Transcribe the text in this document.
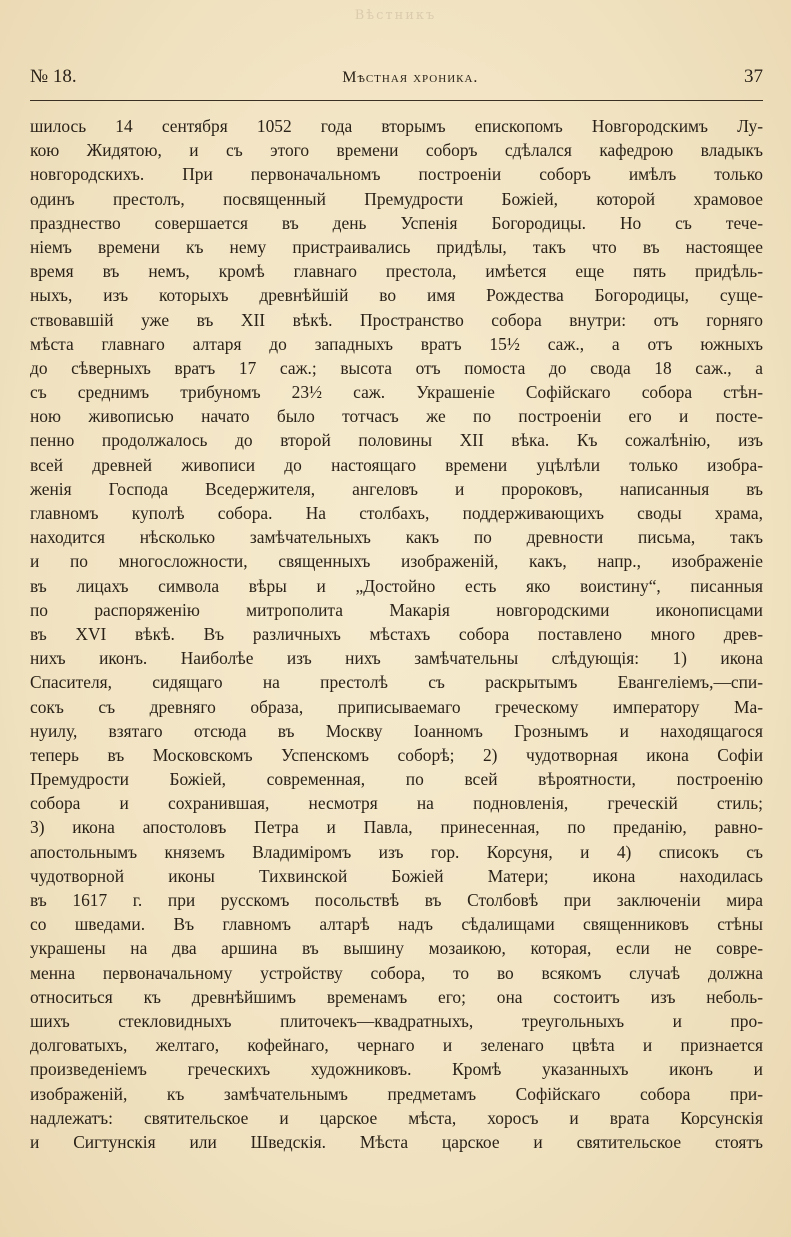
Вѣстникъ
№ 18.	Мѣстная хроника.	37
шилось 14 сентября 1052 года вторымъ епископомъ Новгородскимъ Лу-
кою Жидятою, и съ этого времени соборъ сдѣлался кафедрою владыкъ
новгородскихъ. При первоначальномъ построеніи соборъ имѣлъ только
одинъ престолъ, посвященный Премудрости Божіей, которой храмовое
празднество совершается въ день Успенія Богородицы. Но съ тече-
ніемъ времени къ нему пристраивались придѣлы, такъ что въ настоящее
время въ немъ, кромѣ главнаго престола, имѣется еще пять придѣль-
ныхъ, изъ которыхъ древнѣйшій во имя Рождества Богородицы, суще-
ствовавшій уже въ XII вѣкѣ. Пространство собора внутри: отъ горняго
мѣста главнаго алтаря до западныхъ вратъ 15½ саж., а отъ южныхъ
до сѣверныхъ вратъ 17 саж.; высота отъ помоста до свода 18 саж., а
съ среднимъ трибуномъ 23½ саж. Украшеніе Софійскаго собора стѣн-
ною живописью начато было тотчасъ же по построеніи его и посте-
пенно продолжалось до второй половины XII вѣка. Къ сожалѣнію, изъ
всей древней живописи до настоящаго времени уцѣлѣли только изобра-
женія Господа Вседержителя, ангеловъ и пророковъ, написанныя въ
главномъ куполѣ собора. На столбахъ, поддерживающихъ своды храма,
находится нѣсколько замѣчательныхъ какъ по древности письма, такъ
и по многосложности, священныхъ изображеній, какъ, напр., изображеніе
въ лицахъ символа вѣры и „Достойно есть яко воистину“, писанныя
по распоряженію митрополита Макарія новгородскими иконописцами
въ XVI вѣкѣ. Въ различныхъ мѣстахъ собора поставлено много древ-
нихъ иконъ. Наиболѣе изъ нихъ замѣчательны слѣдующія: 1) икона
Спасителя, сидящаго на престолѣ съ раскрытымъ Евангеліемъ,—спи-
сокъ съ древняго образа, приписываемаго греческому императору Ма-
нуилу, взятаго отсюда въ Москву Іоанномъ Грознымъ и находящагося
теперь въ Московскомъ Успенскомъ соборѣ; 2) чудотворная икона Софіи
Премудрости Божіей, современная, по всей вѣроятности, построенію
собора и сохранившая, несмотря на подновленія, греческій стиль;
3) икона апостоловъ Петра и Павла, принесенная, по преданію, равно-
апостольнымъ княземъ Владиміромъ изъ гор. Корсуня, и 4) списокъ съ
чудотворной иконы Тихвинской Божіей Матери; икона находилась
въ 1617 г. при русскомъ посольствѣ въ Столбовѣ при заключеніи мира
со шведами. Въ главномъ алтарѣ надъ сѣдалищами священниковъ стѣны
украшены на два аршина въ вышину мозаикою, которая, если не совре-
менна первоначальному устройству собора, то во всякомъ случаѣ должна
относиться къ древнѣйшимъ временамъ его; она состоитъ изъ неболь-
шихъ стекловидныхъ плиточекъ—квадратныхъ, треугольныхъ и про-
долговатыхъ, желтаго, кофейнаго, чернаго и зеленаго цвѣта и признается
произведеніемъ греческихъ художниковъ. Кромѣ указанныхъ иконъ и
изображеній, къ замѣчательнымъ предметамъ Софійскаго собора при-
надлежатъ: святительское и царское мѣста, хоросъ и врата Корсунскія
и Сигтунскія или Шведскія. Мѣста царское и святительское стоятъ
